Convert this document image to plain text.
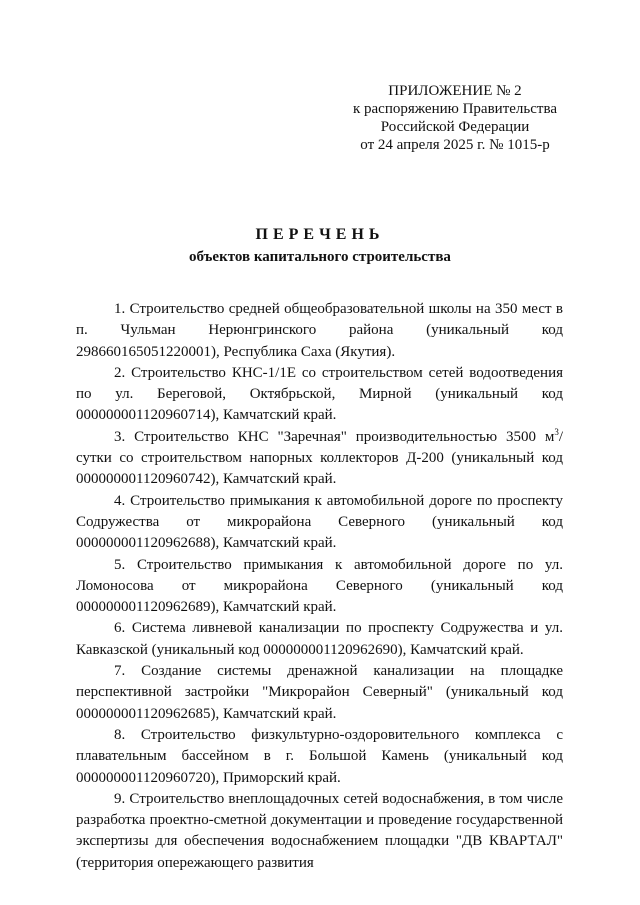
ПРИЛОЖЕНИЕ № 2
к распоряжению Правительства
Российской Федерации
от 24 апреля 2025 г. № 1015-р
ПЕРЕЧЕНЬ
объектов капитального строительства

1. Строительство средней общеобразовательной школы на 350 мест в п. Чульман Нерюнгринского района (уникальный код 298660165051220001), Республика Саха (Якутия).

2. Строительство КНС-1/1Е со строительством сетей водоотведения по ул. Береговой, Октябрьской, Мирной (уникальный код 000000001120960714), Камчатский край.

3. Строительство КНС "Заречная" производительностью 3500 $м^3$/сутки со строительством напорных коллекторов Д-200 (уникальный код 000000001120960742), Камчатский край.

4. Строительство примыкания к автомобильной дороге по проспекту Содружества от микрорайона Северного (уникальный код 000000001120962688), Камчатский край.

5. Строительство примыкания к автомобильной дороге по ул. Ломоносова от микрорайона Северного (уникальный код 000000001120962689), Камчатский край.

6. Система ливневой канализации по проспекту Содружества и ул. Кавказской (уникальный код 000000001120962690), Камчатский край.

7. Создание системы дренажной канализации на площадке перспективной застройки "Микрорайон Северный" (уникальный код 000000001120962685), Камчатский край.

8. Строительство физкультурно-оздоровительного комплекса с плавательным бассейном в г. Большой Камень (уникальный код 000000001120960720), Приморский край.

9. Строительство внеплощадочных сетей водоснабжения, в том числе разработка проектно-сметной документации и проведение государственной экспертизы для обеспечения водоснабжением площадки "ДВ КВАРТАЛ" (территория опережающего развития
